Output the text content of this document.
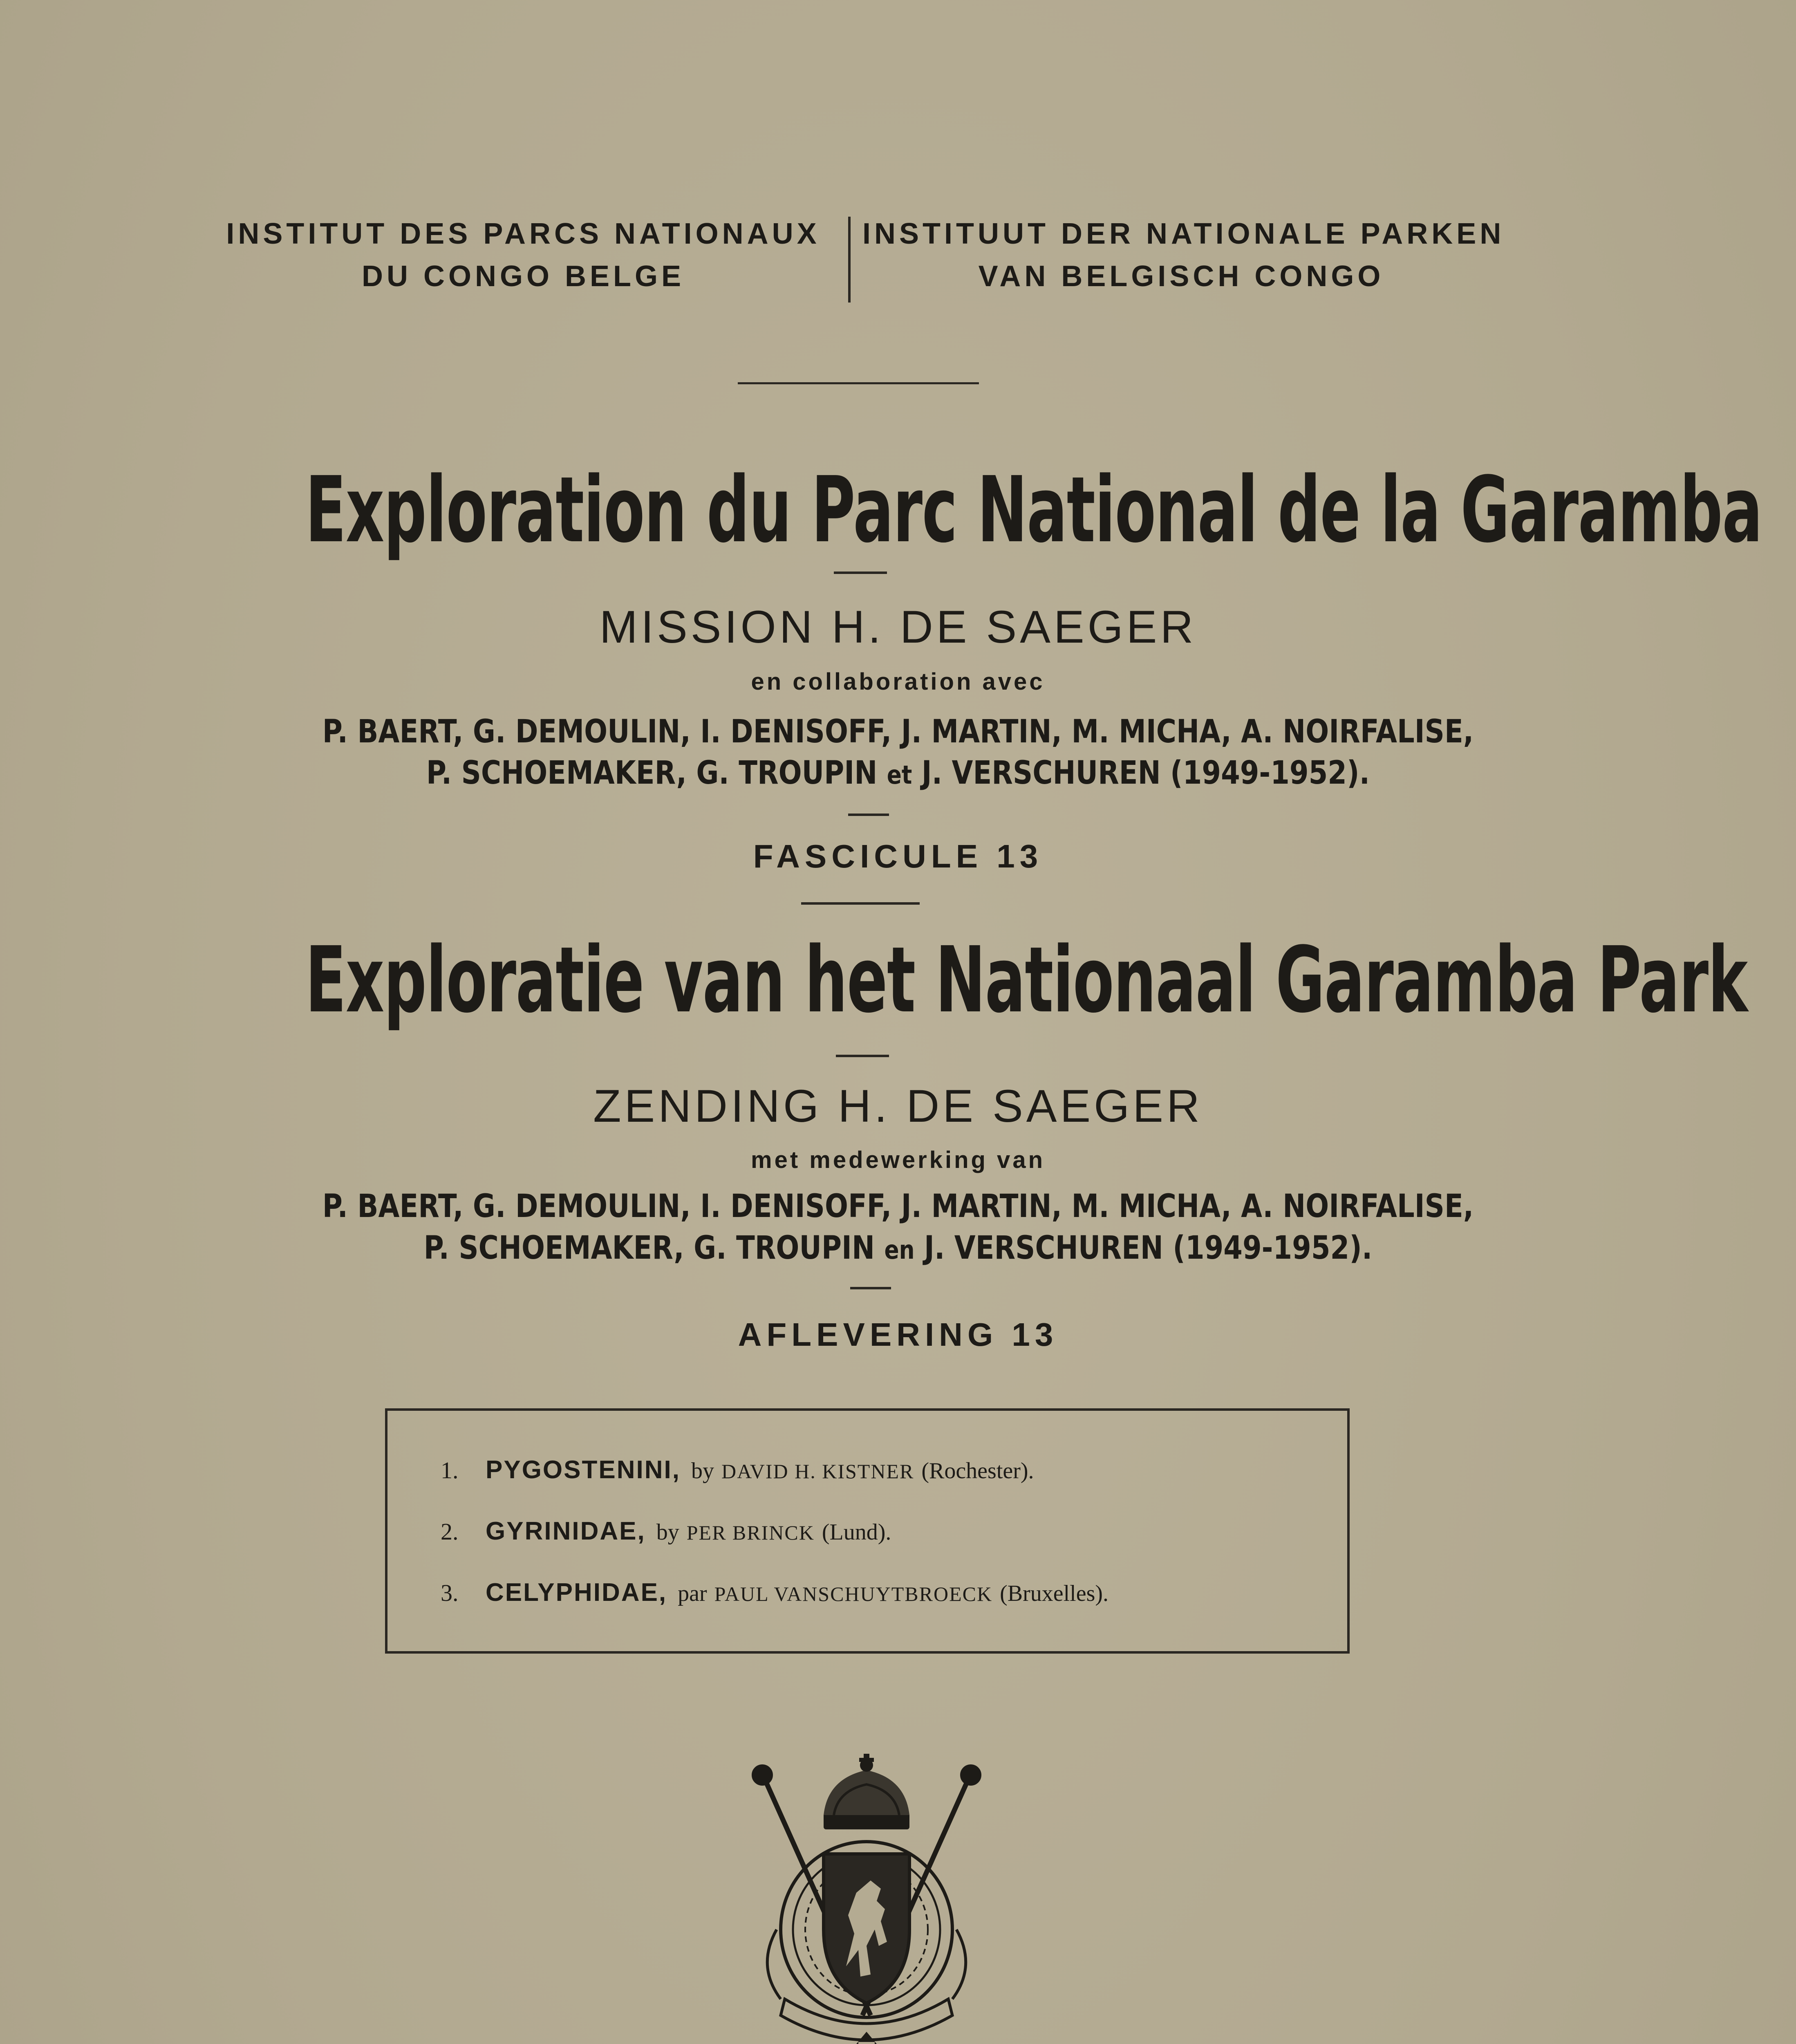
INSTITUT DES PARCS NATIONAUX
DU CONGO BELGE
INSTITUUT DER NATIONALE PARKEN
VAN BELGISCH CONGO
Exploration du Parc National de la Garamba
MISSION H. DE SAEGER
en collaboration avec
P. BAERT, G. DEMOULIN, I. DENISOFF, J. MARTIN, M. MICHA, A. NOIRFALISE,
P. SCHOEMAKER, G. TROUPIN et J. VERSCHUREN (1949-1952).
FASCICULE 13
Exploratie van het Nationaal Garamba Park
ZENDING H. DE SAEGER
met medewerking van
P. BAERT, G. DEMOULIN, I. DENISOFF, J. MARTIN, M. MICHA, A. NOIRFALISE,
P. SCHOEMAKER, G. TROUPIN en J. VERSCHUREN (1949-1952).
AFLEVERING 13
1. PYGOSTENINI, by DAVID H. KISTNER (Rochester).
2. GYRINIDAE, by PER BRINCK (Lund).
3. CELYPHIDAE, par PAUL VANSCHUYTBROECK (Bruxelles).
